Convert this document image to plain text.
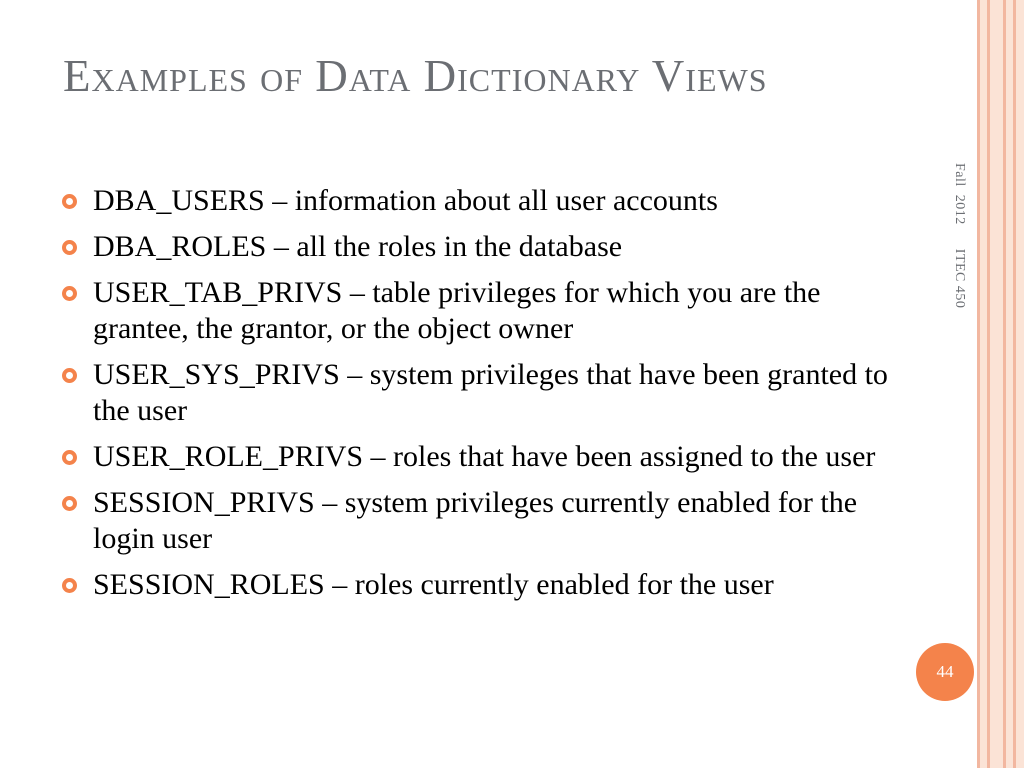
Examples of Data Dictionary Views
DBA_USERS – information about all user accounts
DBA_ROLES – all the roles in the database
USER_TAB_PRIVS – table privileges for which you are the grantee, the grantor, or the object owner
USER_SYS_PRIVS – system privileges that have been granted to the user
USER_ROLE_PRIVS – roles that have been assigned to the user
SESSION_PRIVS – system privileges currently enabled for the login user
SESSION_ROLES – roles currently enabled for the user
Fall  2012      ITEC 450
44
